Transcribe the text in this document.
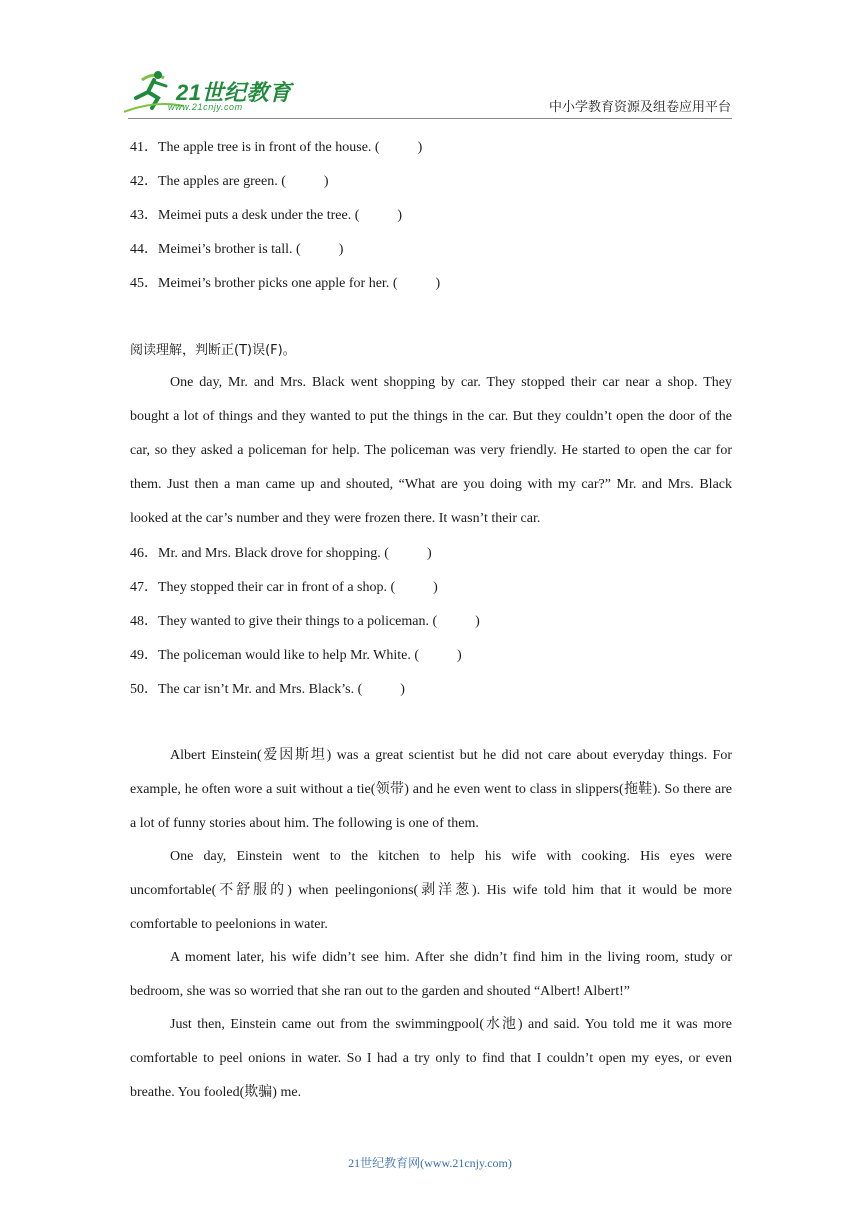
21世纪教育
www.21cnjy.com	中小学教育资源及组卷应用平台
41．The apple tree is in front of the house. (	)
42．The apples are green. (	)
43．Meimei puts a desk under the tree. (	)
44．Meimei’s brother is tall. (	)
45．Meimei’s brother picks one apple for her. (	)
阅读理解，判断正(T)误(F)。

One day, Mr. and Mrs. Black went shopping by car. They stopped their car near a shop. They bought a lot of things and they wanted to put the things in the car. But they couldn’t open the door of the car, so they asked a policeman for help. The policeman was very friendly. He started to open the car for them. Just then a man came up and shouted, “What are you doing with my car?” Mr. and Mrs. Black looked at the car’s number and they were frozen there. It wasn’t their car.

46．Mr. and Mrs. Black drove for shopping. (	)
47．They stopped their car in front of a shop. (	)
48．They wanted to give their things to a policeman. (	)
49．The policeman would like to help Mr. White. (	)
50．The car isn’t Mr. and Mrs. Black’s. (	)

Albert Einstein(爱因斯坦) was a great scientist but he did not care about everyday things. For example, he often wore a suit without a tie(领带) and he even went to class in slippers(拖鞋). So there are a lot of funny stories about him. The following is one of them.

One day, Einstein went to the kitchen to help his wife with cooking. His eyes were uncomfortable(不舒服的) when peelingonions(剥洋葱). His wife told him that it would be more comfortable to peelonions in water.

A moment later, his wife didn’t see him. After she didn’t find him in the living room, study or bedroom, she was so worried that she ran out to the garden and shouted “Albert! Albert!”

Just then, Einstein came out from the swimmingpool(水池) and said. You told me it was more comfortable to peel onions in water. So I had a try only to find that I couldn’t open my eyes, or even breathe. You fooled(欺骗) me.

21世纪教育网(www.21cnjy.com)
